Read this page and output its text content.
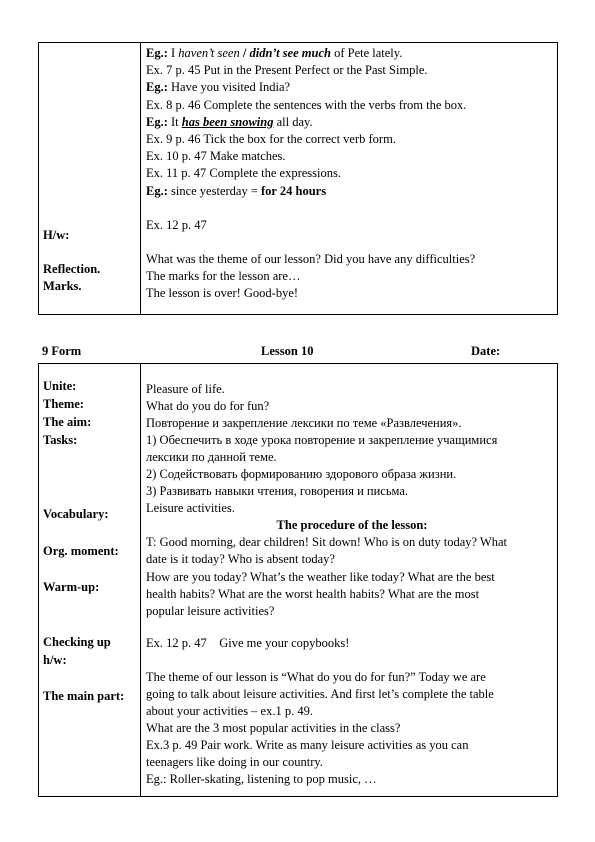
H/w:
Reflection.
Marks.
Eg.: I haven’t seen / didn’t see much of Pete lately.
Ex. 7 p. 45 Put in the Present Perfect or the Past Simple.
Eg.: Have you visited India?
Ex. 8 p. 46 Complete the sentences with the verbs from the box.
Eg.: It has been snowing all day.
Ex. 9 p. 46 Tick the box for the correct verb form.
Ex. 10 p. 47 Make matches.
Ex. 11 p. 47 Complete the expressions.
Eg.: since yesterday = for 24 hours
Ex. 12 p. 47
What was the theme of our lesson? Did you have any difficulties?
The marks for the lesson are…
The lesson is over! Good-bye!
9 Form	Lesson 10	Date:
Unite:
Theme:
The aim:
Tasks:
Vocabulary:
Org. moment:
Warm-up:
Checking up
h/w:
The main part:
Pleasure of life.
What do you do for fun?
Повторение и закрепление лексики по теме «Развлечения».
1) Обеспечить в ходе урока повторение и закрепление учащимися
лексики по данной теме.
2) Содействовать формированию здорового образа жизни.
3) Развивать навыки чтения, говорения и письма.
Leisure activities.
The procedure of the lesson:
T: Good morning, dear children! Sit down! Who is on duty today? What
date is it today? Who is absent today?
How are you today? What’s the weather like today? What are the best
health habits? What are the worst health habits? What are the most
popular leisure activities?
Ex. 12 p. 47    Give me your copybooks!
The theme of our lesson is “What do you do for fun?” Today we are
going to talk about leisure activities. And first let’s complete the table
about your activities – ex.1 p. 49.
What are the 3 most popular activities in the class?
Ex.3 p. 49 Pair work. Write as many leisure activities as you can
teenagers like doing in our country.
Eg.: Roller-skating, listening to pop music, …
